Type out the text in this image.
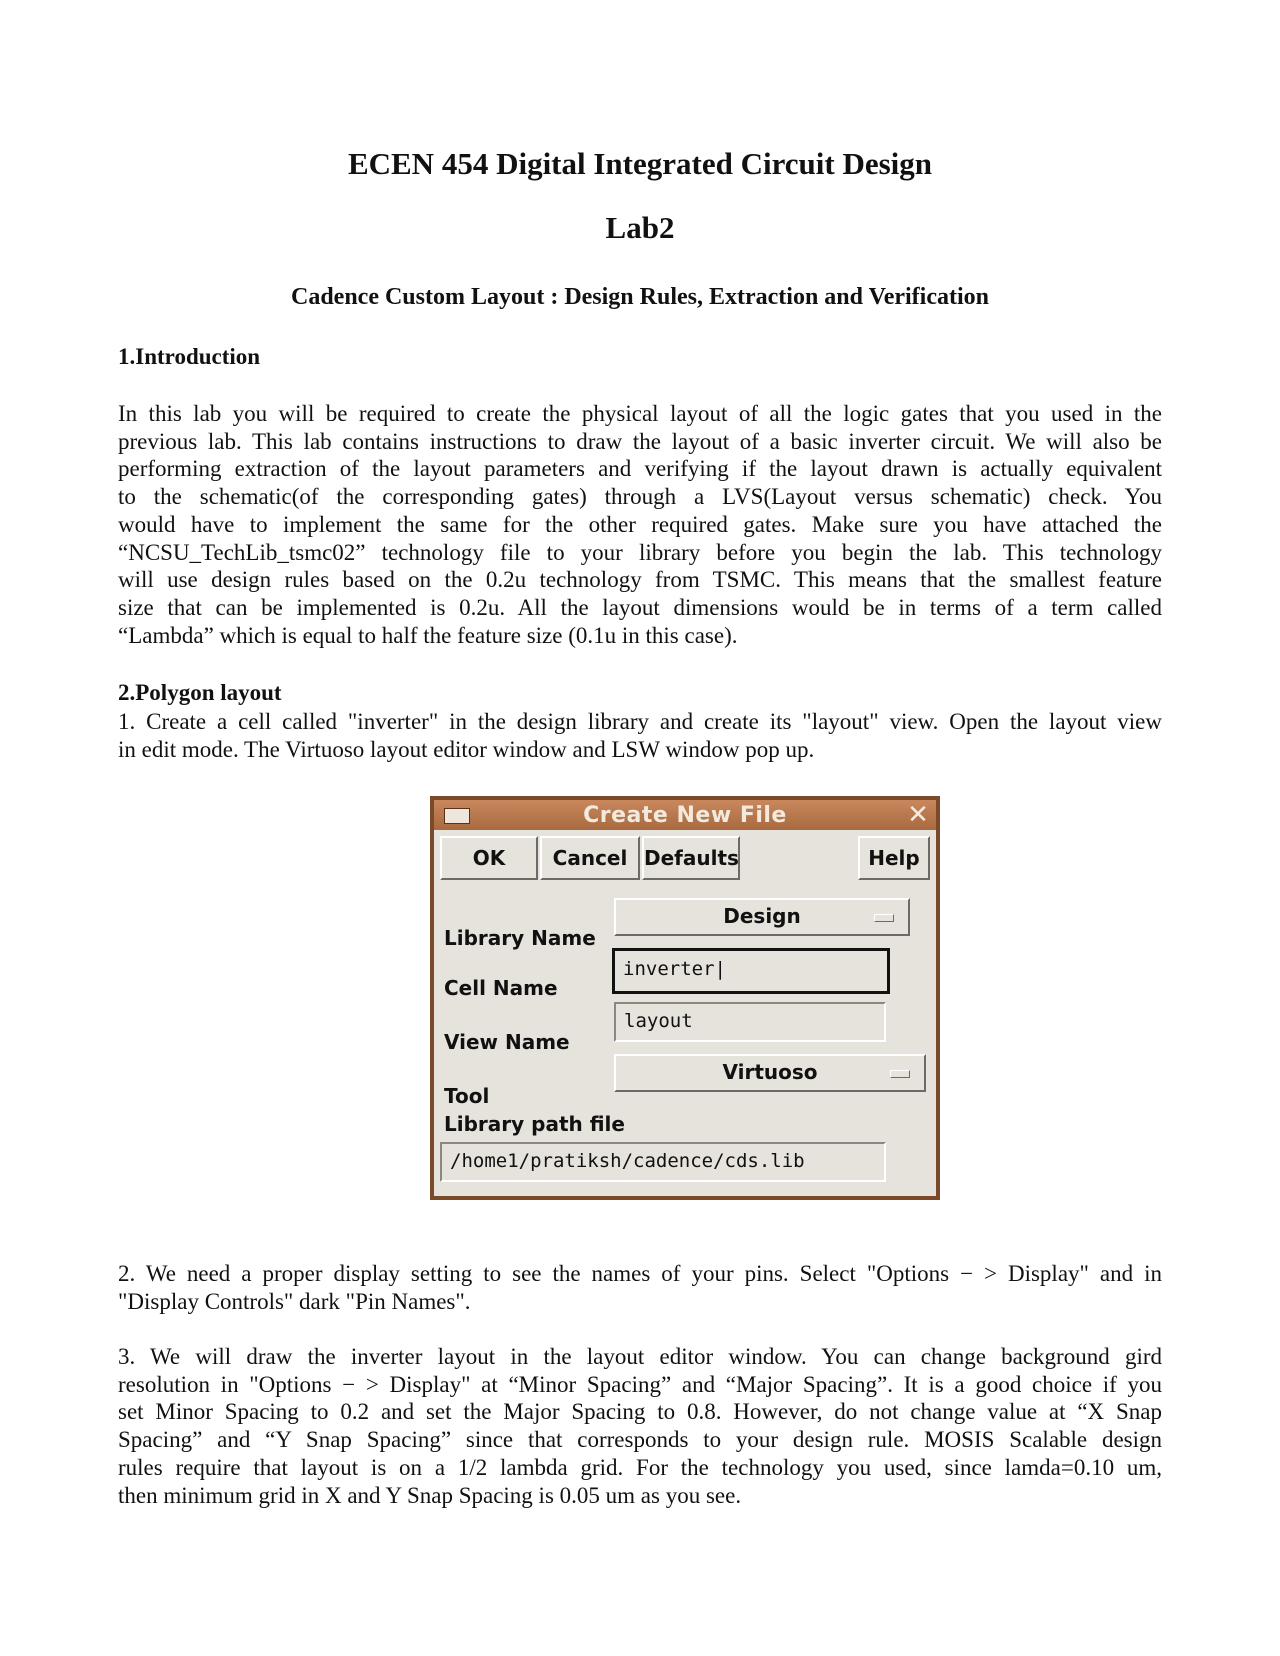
ECEN 454 Digital Integrated Circuit Design
Lab2
Cadence Custom Layout : Design Rules, Extraction and Verification
1.Introduction
In this lab you will be required to create the physical layout of all the logic gates that you used in the
previous lab. This lab contains instructions to draw the layout of a basic inverter circuit. We will also be
performing extraction of the layout parameters and verifying if the layout drawn is actually equivalent
to the schematic(of the corresponding gates) through a LVS(Layout versus schematic) check. You
would have to implement the same for the other required gates. Make sure you have attached the
“NCSU_TechLib_tsmc02” technology file to your library before you begin the lab. This technology
will use design rules based on the 0.2u technology from TSMC. This means that the smallest feature
size that can be implemented is 0.2u. All the layout dimensions would be in terms of a term called
“Lambda” which is equal to half the feature size (0.1u in this case).
2.Polygon layout
1. Create a cell called "inverter" in the design library and create its "layout" view. Open the layout view
in edit mode. The Virtuoso layout editor window and LSW window pop up.
Create New File	✕
OK	Cancel Defaults	Help
Library Name
Design
Cell Name
inverter|
View Name
layout
Tool
Virtuoso
Library path file
/home1/pratiksh/cadence/cds.lib
2. We need a proper display setting to see the names of your pins. Select "Options − > Display" and in
"Display Controls" dark "Pin Names".
3. We will draw the inverter layout in the layout editor window. You can change background gird
resolution in "Options − > Display" at “Minor Spacing” and “Major Spacing”. It is a good choice if you
set Minor Spacing to 0.2 and set the Major Spacing to 0.8. However, do not change value at “X Snap
Spacing” and “Y Snap Spacing” since that corresponds to your design rule. MOSIS Scalable design
rules require that layout is on a 1/2 lambda grid. For the technology you used, since lamda=0.10 um,
then minimum grid in X and Y Snap Spacing is 0.05 um as you see.
